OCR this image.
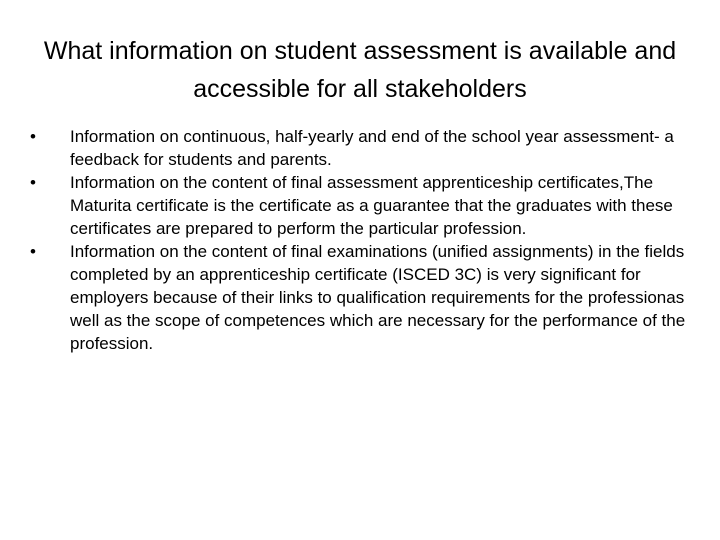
What information on student assessment is available and accessible for all stakeholders
•	Information on continuous, half-yearly and end of the school year assessment- a feedback for students and parents.
•	Information on the content of final assessment apprenticeship certificates,The Maturita certificate is the certificate as a guarantee that the graduates with these certificates are prepared to perform the particular profession.
•	Information on the content of final examinations (unified assignments) in the fields completed by an apprenticeship certificate (ISCED 3C) is very significant for employers because of their links to qualification requirements for the professionas well as the scope of competences which are necessary for the performance of the profession.
